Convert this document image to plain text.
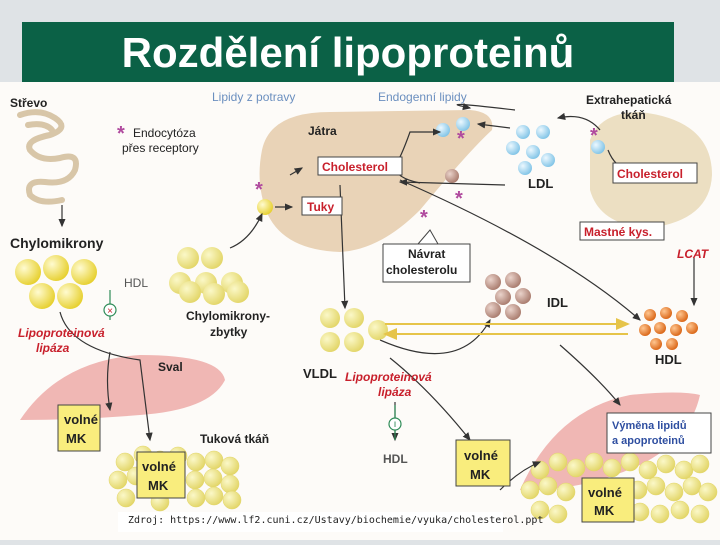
Rozdělení lipoproteinů
×
ı
*
*
*
*
*
*
Střevo	Lipidy z potravy	Endogenní lipidy	Extrahepatická
tkáň
Endocytóza
přes receptory
Játra
Cholesterol
Tuky
LDL
Cholesterol
Chylomikrony
HDL
Návrat
cholesterolu
Mastné kys.
LCAT
Lipoproteinová
lipáza
Chylomikrony-
zbytky
IDL
HDL
VLDL Lipoproteinová
lipáza
Sval
volné
MK	Tuková tkáň
volné
MK
HDL	volné
MK
volné
MK
Výměna lipidů
a apoproteinů
Zdroj: https://www.lf2.cuni.cz/Ustavy/biochemie/vyuka/cholesterol.ppt
